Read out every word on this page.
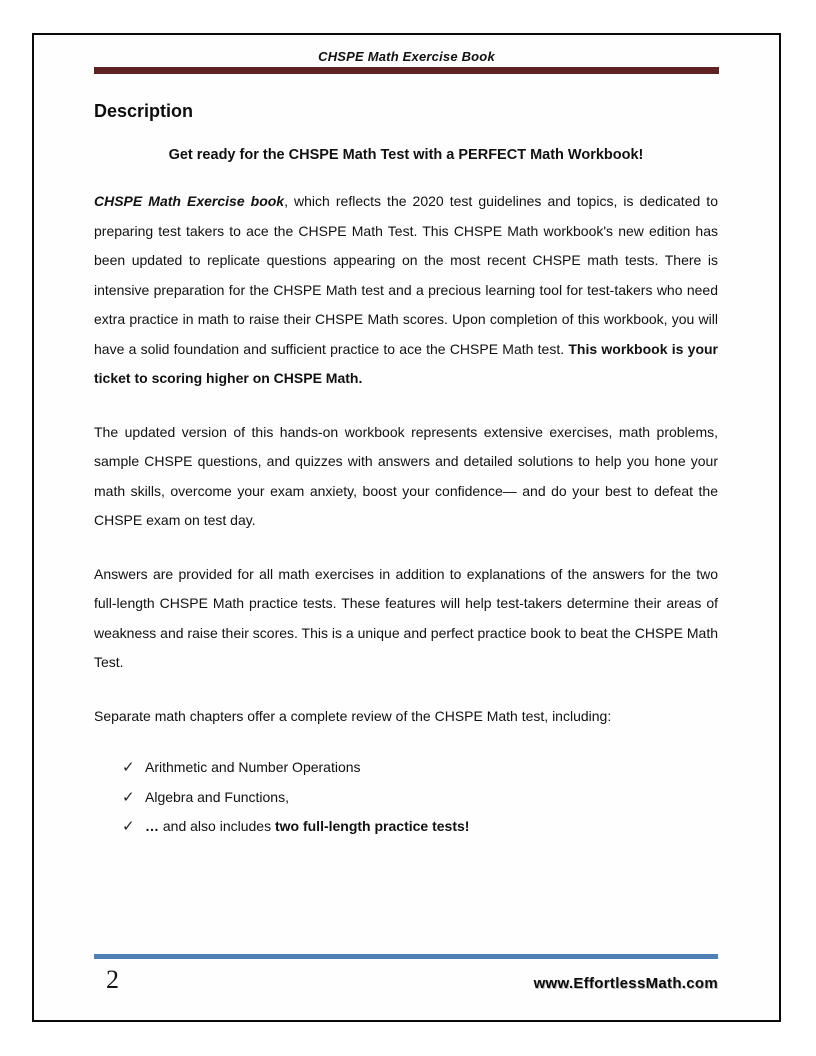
CHSPE Math Exercise Book
Description
Get ready for the CHSPE Math Test with a PERFECT Math Workbook!

CHSPE Math Exercise book, which reflects the 2020 test guidelines and topics, is dedicated to preparing test takers to ace the CHSPE Math Test. This CHSPE Math workbook's new edition has been updated to replicate questions appearing on the most recent CHSPE math tests. There is intensive preparation for the CHSPE Math test and a precious learning tool for test-takers who need extra practice in math to raise their CHSPE Math scores. Upon completion of this workbook, you will have a solid foundation and sufficient practice to ace the CHSPE Math test. This workbook is your ticket to scoring higher on CHSPE Math.

The updated version of this hands-on workbook represents extensive exercises, math problems, sample CHSPE questions, and quizzes with answers and detailed solutions to help you hone your math skills, overcome your exam anxiety, boost your confidence— and do your best to defeat the CHSPE exam on test day.

Answers are provided for all math exercises in addition to explanations of the answers for the two full-length CHSPE Math practice tests. These features will help test-takers determine their areas of weakness and raise their scores. This is a unique and perfect practice book to beat the CHSPE Math Test.

Separate math chapters offer a complete review of the CHSPE Math test, including:

✓ Arithmetic and Number Operations
✓ Algebra and Functions,
✓ … and also includes two full-length practice tests!
2	www.EffortlessMath.com
